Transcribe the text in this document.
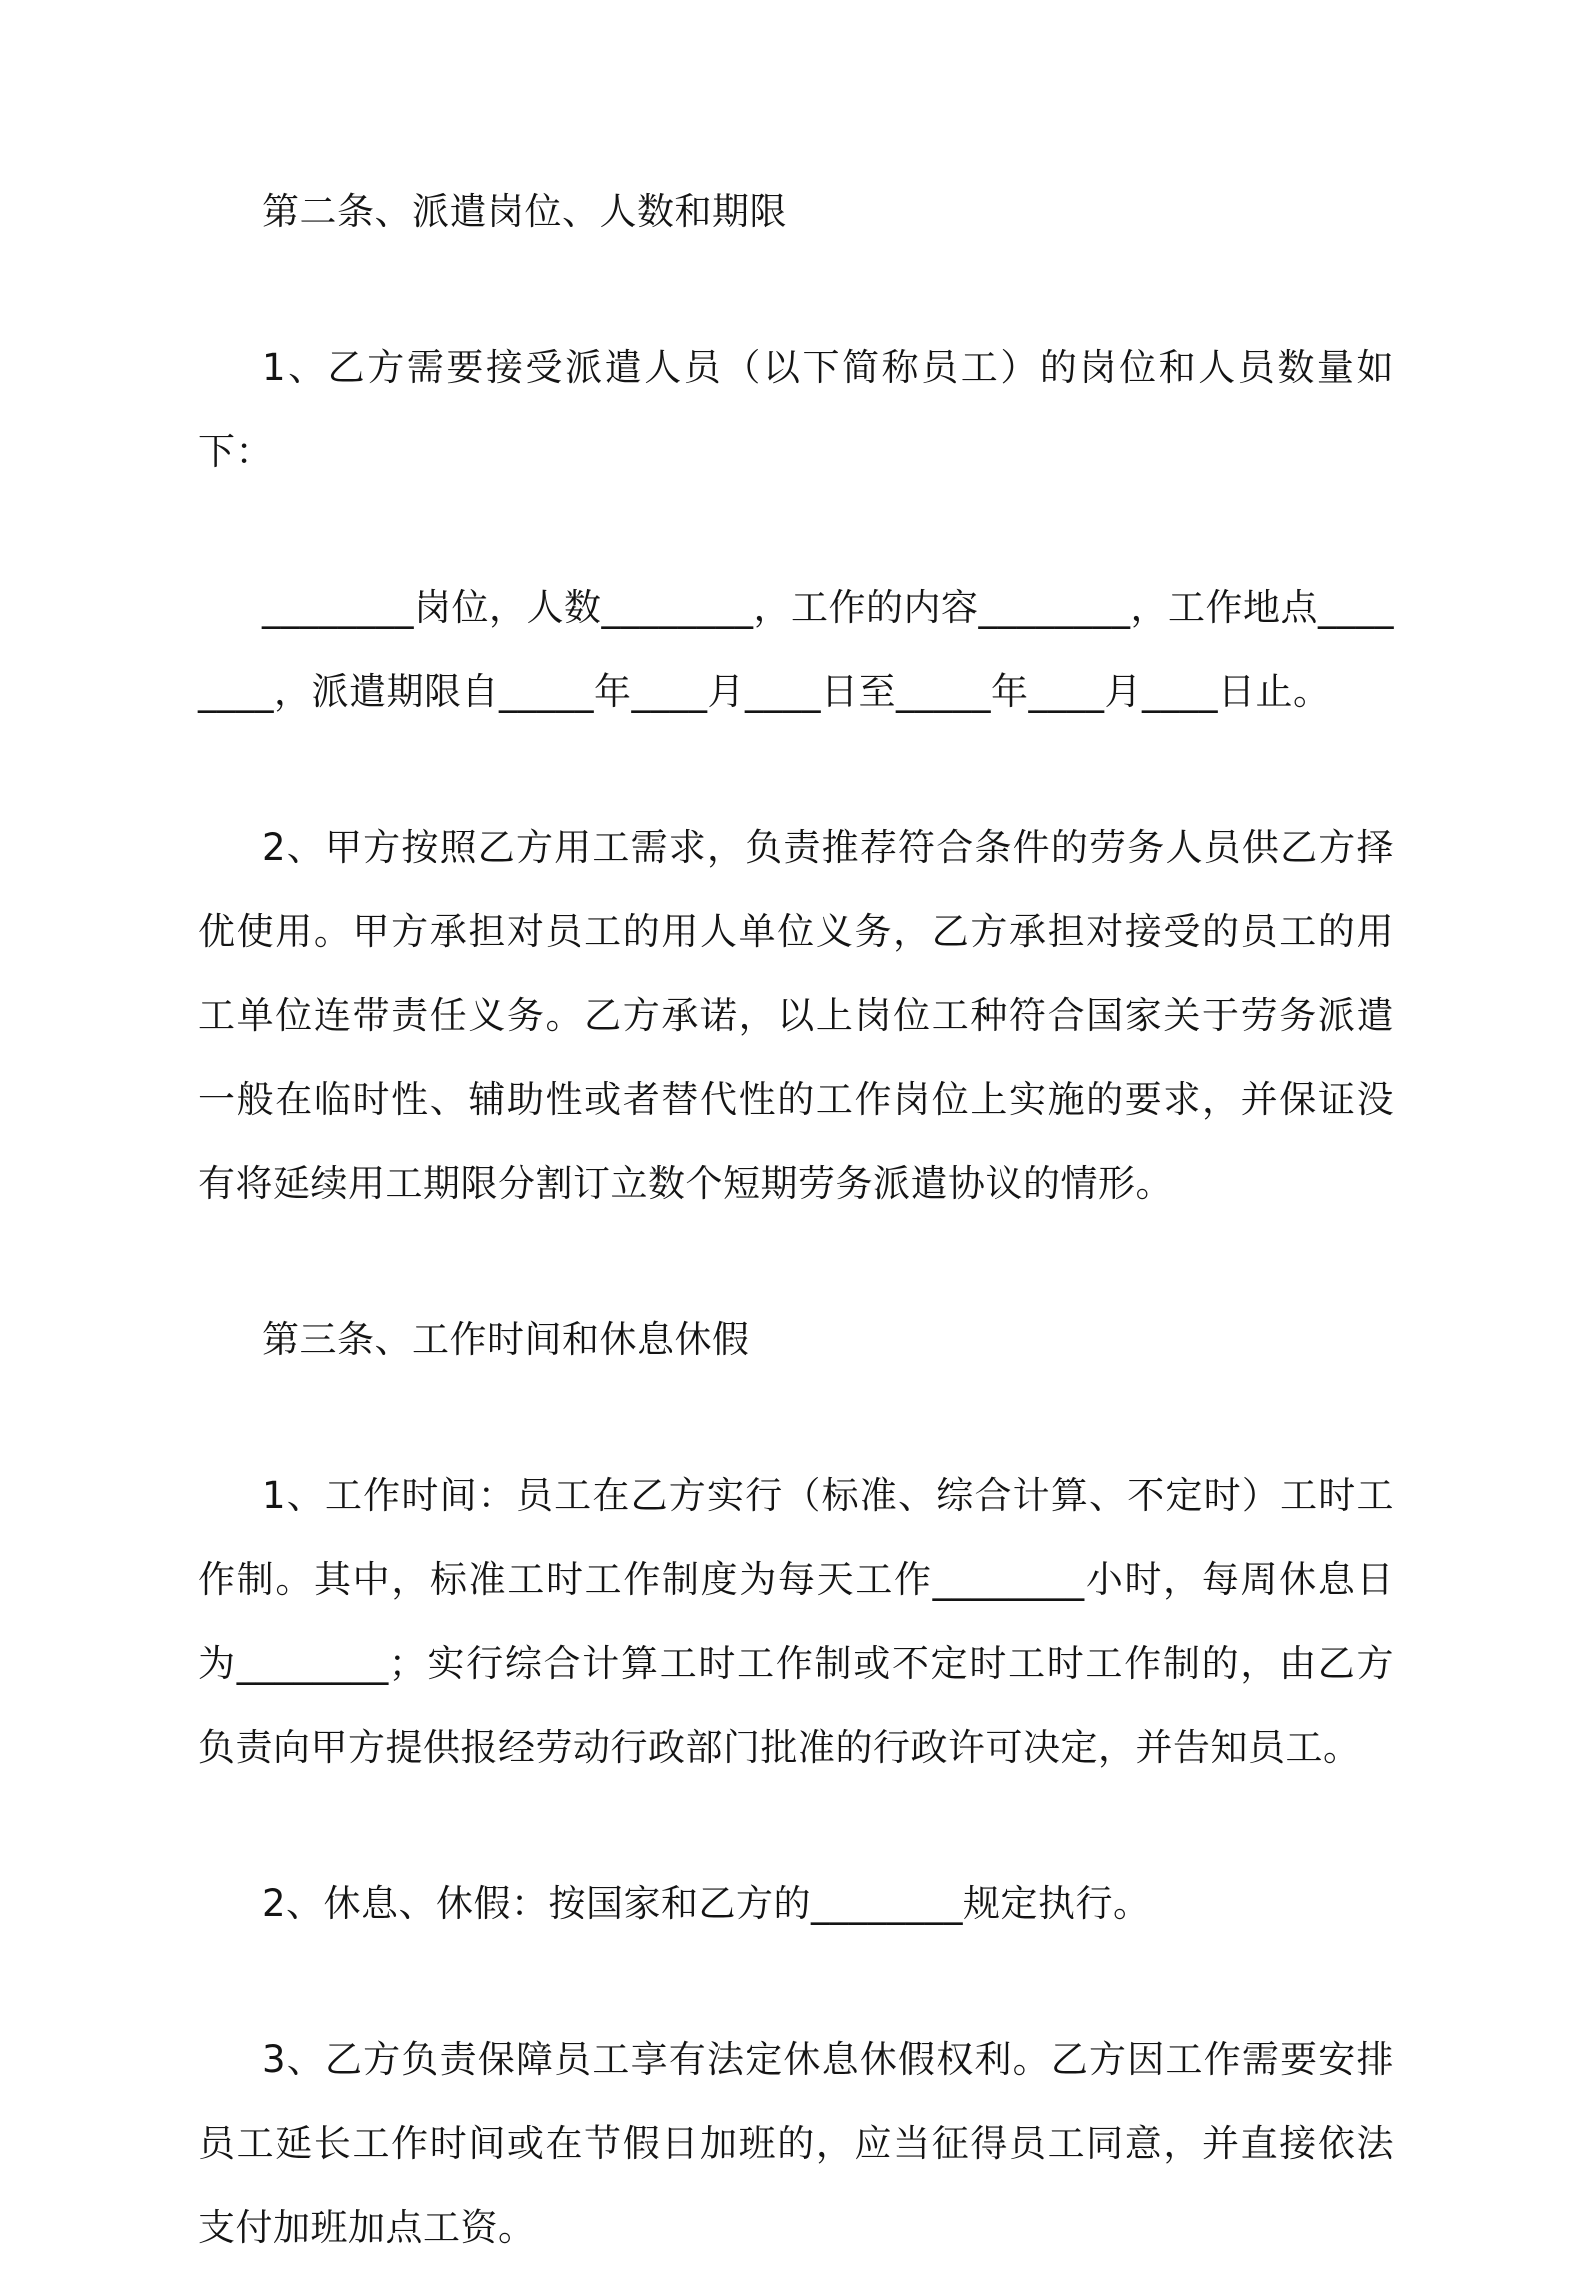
第二条、派遣岗位、人数和期限

1、乙方需要接受派遣人员（以下简称员工）的岗位和人员数量如下：

________岗位，人数________，工作的内容________，工作地点________，派遣期限自_____年____月____日至_____年____月____日止。

2、甲方按照乙方用工需求，负责推荐符合条件的劳务人员供乙方择优使用。甲方承担对员工的用人单位义务，乙方承担对接受的员工的用工单位连带责任义务。乙方承诺，以上岗位工种符合国家关于劳务派遣一般在临时性、辅助性或者替代性的工作岗位上实施的要求，并保证没有将延续用工期限分割订立数个短期劳务派遣协议的情形。

第三条、工作时间和休息休假

1、工作时间：员工在乙方实行（标准、综合计算、不定时）工时工作制。其中，标准工时工作制度为每天工作________小时，每周休息日为________；实行综合计算工时工作制或不定时工时工作制的，由乙方负责向甲方提供报经劳动行政部门批准的行政许可决定，并告知员工。

2、休息、休假：按国家和乙方的________规定执行。

3、乙方负责保障员工享有法定休息休假权利。乙方因工作需要安排员工延长工作时间或在节假日加班的，应当征得员工同意，并直接依法支付加班加点工资。
